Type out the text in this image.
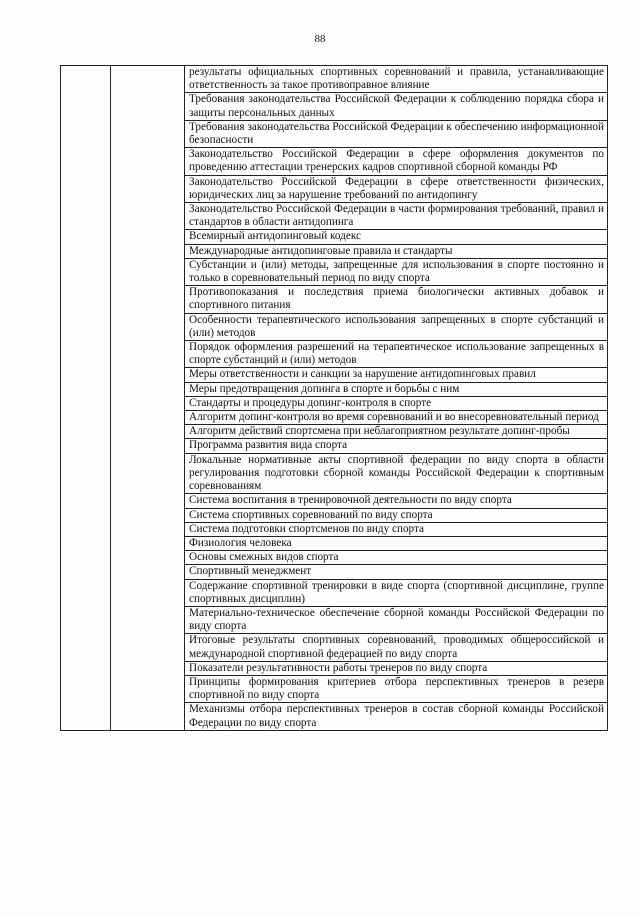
88
		результаты официальных спортивных соревнований и правила, устанавливающие ответственность за такое противоправное влияние
Требования законодательства Российской Федерации к соблюдению порядка сбора и защиты персональных данных
Требования законодательства Российской Федерации к обеспечению информационной безопасности
Законодательство Российской Федерации в сфере оформления документов по проведению аттестации тренерских кадров спортивной сборной команды РФ
Законодательство Российской Федерации в сфере ответственности физических, юридических лиц за нарушение требований по антидопингу
Законодательство Российской Федерации в части формирования требований, правил и стандартов в области антидопинга
Всемирный антидопинговый кодекс
Международные антидопинговые правила и стандарты
Субстанции и (или) методы, запрещенные для использования в спорте постоянно и только в соревновательный период по виду спорта
Противопоказания и последствия приема биологически активных добавок и спортивного питания
Особенности терапевтического использования запрещенных в спорте субстанций и (или) методов
Порядок оформления разрешений на терапевтическое использование запрещенных в спорте субстанций и (или) методов
Меры ответственности и санкции за нарушение антидопинговых правил
Меры предотвращения допинга в спорте и борьбы с ним
Стандарты и процедуры допинг-контроля в спорте
Алгоритм допинг-контроля во время соревнований и во внесоревновательный период
Алгоритм действий спортсмена при неблагоприятном результате допинг-пробы
Программа развития вида спорта
Локальные нормативные акты спортивной федерации по виду спорта в области регулирования подготовки сборной команды Российской Федерации к спортивным соревнованиям
Система воспитания в тренировочной деятельности по виду спорта
Система спортивных соревнований по виду спорта
Система подготовки спортсменов по виду спорта
Физиология человека
Основы смежных видов спорта
Спортивный менеджмент
Содержание спортивной тренировки в виде спорта (спортивной дисциплине, группе спортивных дисциплин)
Материально-техническое обеспечение сборной команды Российской Федерации по виду спорта
Итоговые результаты спортивных соревнований, проводимых общероссийской и международной спортивной федерацией по виду спорта
Показатели результативности работы тренеров по виду спорта
Принципы формирования критериев отбора перспективных тренеров в резерв спортивной по виду спорта
Механизмы отбора перспективных тренеров в состав сборной команды Российской Федерации по виду спорта
